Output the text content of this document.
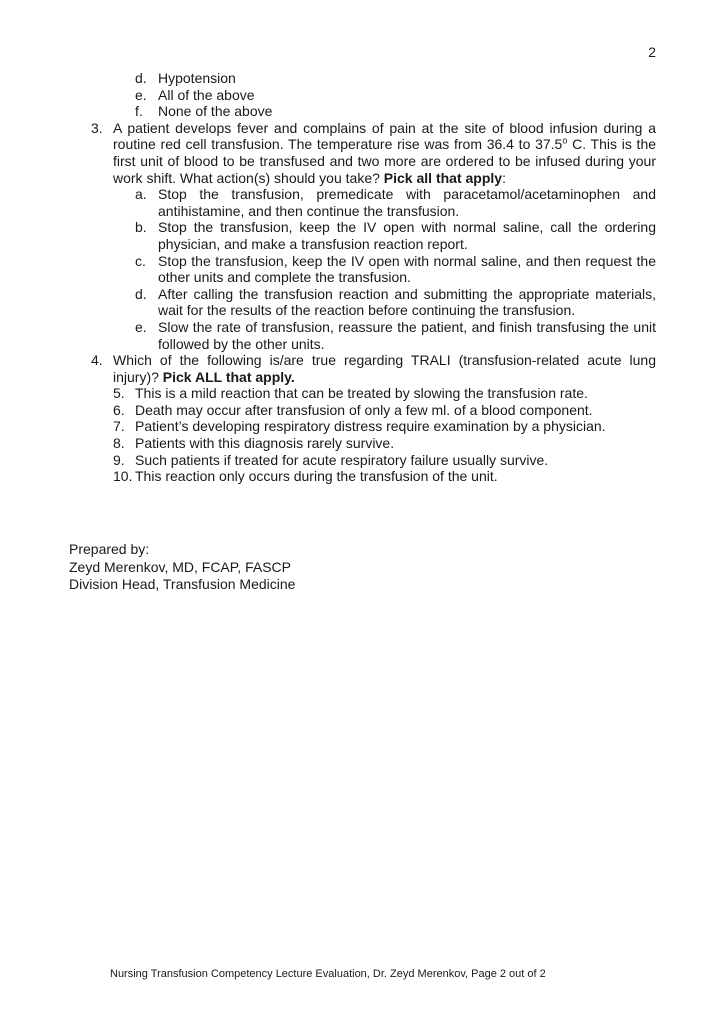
2
d. Hypotension
e. All of the above
f.	None of the above
3. A patient develops fever and complains of pain at the site of blood infusion during a routine red cell transfusion. The temperature rise was from 36.4 to 37.5$^o$ C. This is the first unit of blood to be transfused and two more are ordered to be infused during your work shift. What action(s) should you take? Pick all that apply:
a. Stop the transfusion, premedicate with paracetamol/acetaminophen and antihistamine, and then continue the transfusion.
b. Stop the transfusion, keep the IV open with normal saline, call the ordering physician, and make a transfusion reaction report.
c. Stop the transfusion, keep the IV open with normal saline, and then request the other units and complete the transfusion.
d. After calling the transfusion reaction and submitting the appropriate materials, wait for the results of the reaction before continuing the transfusion.
e. Slow the rate of transfusion, reassure the patient, and finish transfusing the unit followed by the other units.
4. Which of the following is/are true regarding TRALI (transfusion-related acute lung injury)? Pick ALL that apply.
5. This is a mild reaction that can be treated by slowing the transfusion rate.
6. Death may occur after transfusion of only a few ml. of a blood component.
7. Patient’s developing respiratory distress require examination by a physician.
8. Patients with this diagnosis rarely survive.
9. Such patients if treated for acute respiratory failure usually survive.
10. This reaction only occurs during the transfusion of the unit.
Prepared by:
Zeyd Merenkov, MD, FCAP, FASCP
Division Head, Transfusion Medicine
Nursing Transfusion Competency Lecture Evaluation, Dr. Zeyd Merenkov, Page 2 out of 2
